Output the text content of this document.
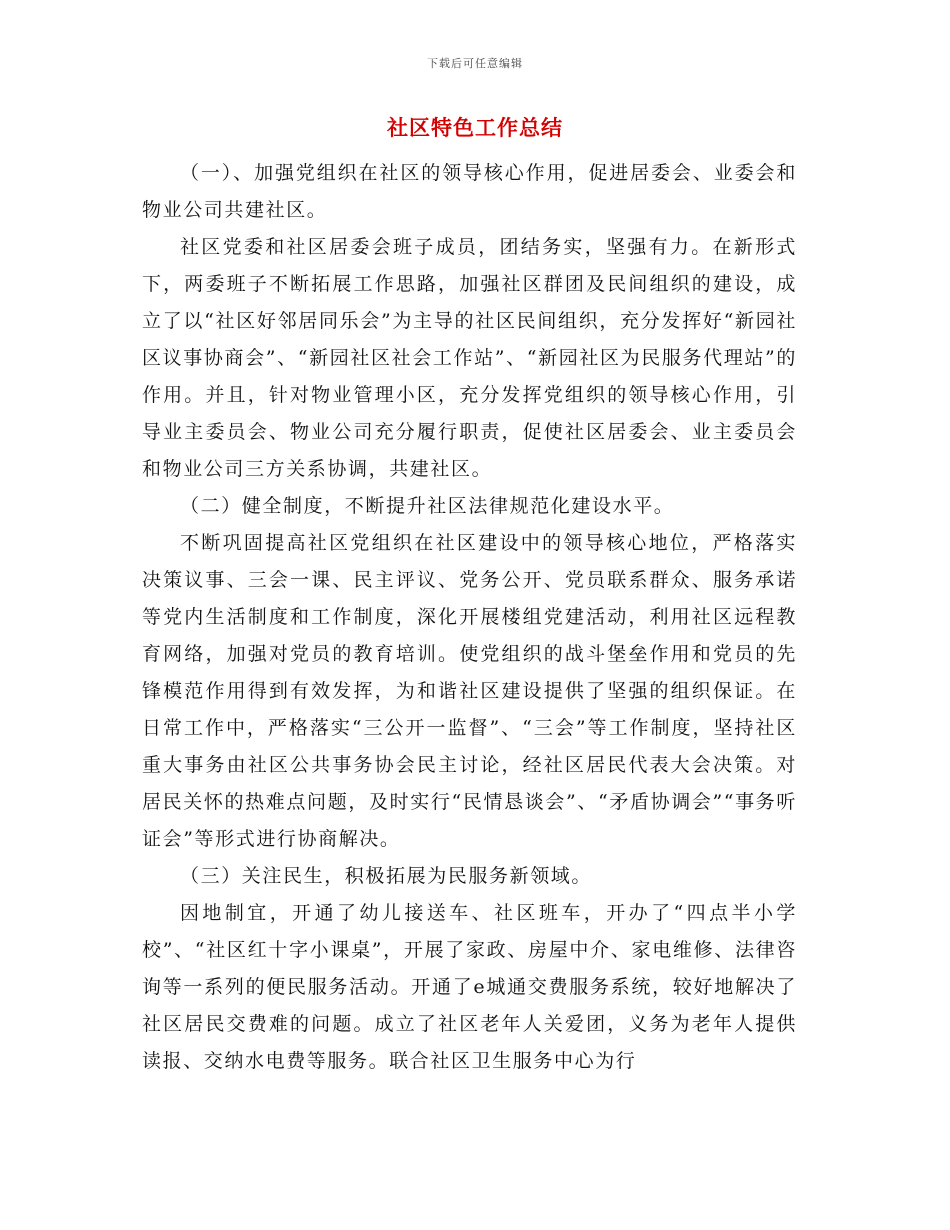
下载后可任意编辑
社区特色工作总结

（一）、加强党组织在社区的领导核心作用，促进居委会、业委会和物业公司共建社区。

社区党委和社区居委会班子成员，团结务实，坚强有力。在新形式下，两委班子不断拓展工作思路，加强社区群团及民间组织的建设，成立了以“社区好邻居同乐会”为主导的社区民间组织，充分发挥好“新园社区议事协商会”、“新园社区社会工作站”、“新园社区为民服务代理站”的作用。并且，针对物业管理小区，充分发挥党组织的领导核心作用，引导业主委员会、物业公司充分履行职责，促使社区居委会、业主委员会和物业公司三方关系协调，共建社区。

（二）健全制度，不断提升社区法律规范化建设水平。

不断巩固提高社区党组织在社区建设中的领导核心地位，严格落实决策议事、三会一课、民主评议、党务公开、党员联系群众、服务承诺等党内生活制度和工作制度，深化开展楼组党建活动，利用社区远程教育网络，加强对党员的教育培训。使党组织的战斗堡垒作用和党员的先锋模范作用得到有效发挥，为和谐社区建设提供了坚强的组织保证。在日常工作中，严格落实“三公开一监督”、“三会”等工作制度，坚持社区重大事务由社区公共事务协会民主讨论，经社区居民代表大会决策。对居民关怀的热难点问题，及时实行“民情恳谈会”、“矛盾协调会”“事务听证会”等形式进行协商解决。

（三）关注民生，积极拓展为民服务新领域。

因地制宜，开通了幼儿接送车、社区班车，开办了“四点半小学校”、“社区红十字小课桌”，开展了家政、房屋中介、家电维修、法律咨询等一系列的便民服务活动。开通了e城通交费服务系统，较好地解决了社区居民交费难的问题。成立了社区老年人关爱团，义务为老年人提供读报、交纳水电费等服务。联合社区卫生服务中心为行
